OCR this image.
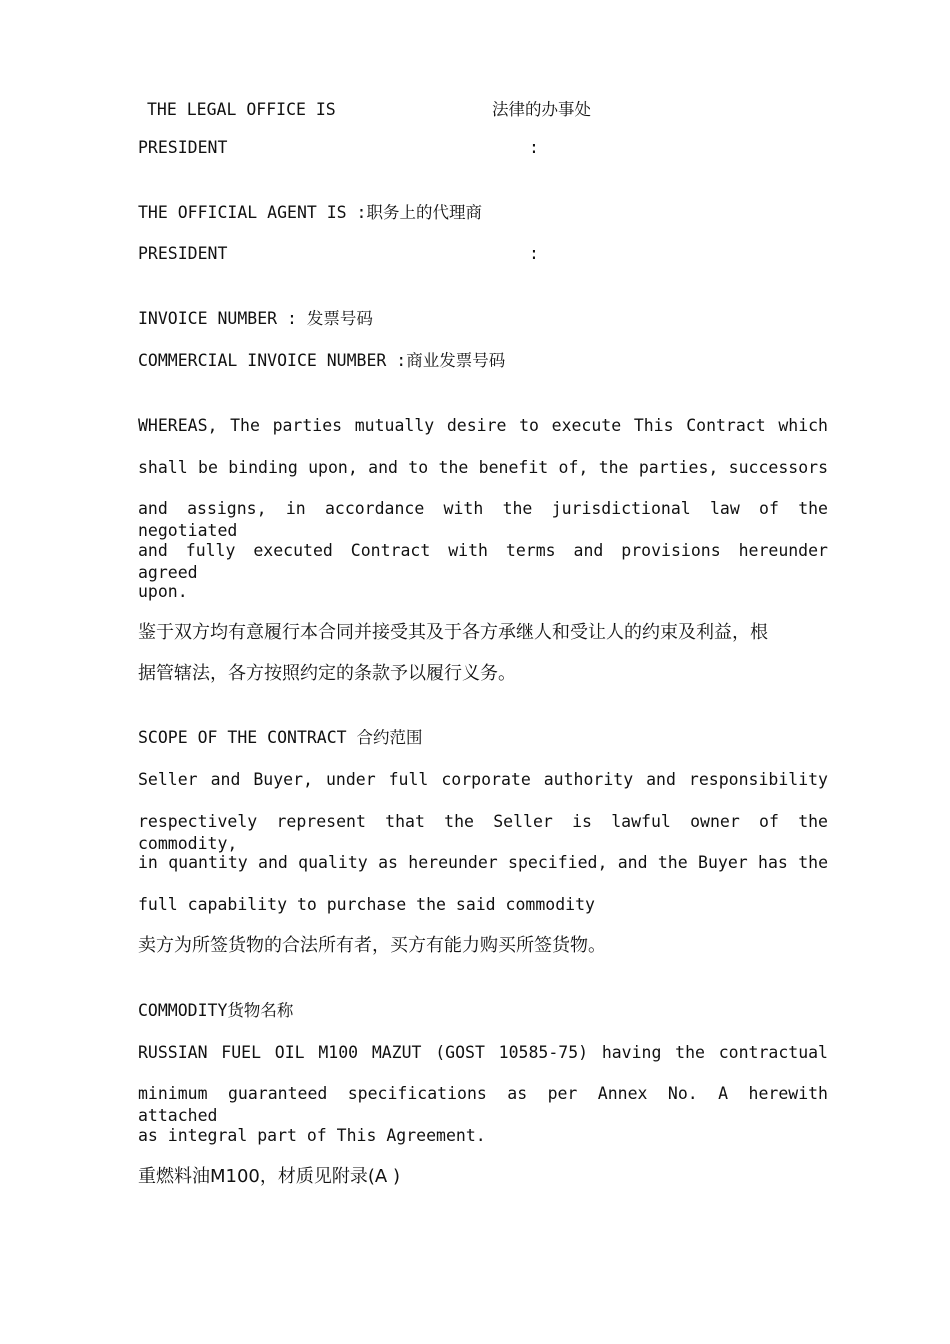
THE LEGAL OFFICE IS	法律的办事处

PRESIDENT	:

THE OFFICIAL AGENT IS :职务上的代理商

PRESIDENT	:

INVOICE NUMBER : 发票号码

COMMERCIAL INVOICE NUMBER :商业发票号码

WHEREAS, The parties mutually desire to execute This Contract which

shall be binding upon, and to the benefit of, the parties, successors

and assigns, in accordance with the jurisdictional law of the negotiated

and fully executed Contract with terms and provisions hereunder agreed

upon.

鉴于双方均有意履行本合同并接受其及于各方承继人和受让人的约束及利益，根

据管辖法，各方按照约定的条款予以履行义务。

SCOPE OF THE CONTRACT 合约范围

Seller and Buyer, under full corporate authority and responsibility

respectively represent that the Seller is lawful owner of the commodity,

in quantity and quality as hereunder specified, and the Buyer has the

full capability to purchase the said commodity

卖方为所签货物的合法所有者，买方有能力购买所签货物。

COMMODITY货物名称

RUSSIAN FUEL OIL M100 MAZUT (GOST 10585-75) having the contractual

minimum guaranteed specifications as per Annex No. A herewith attached

as integral part of This Agreement.

重燃料油M100，材质见附录(A )
